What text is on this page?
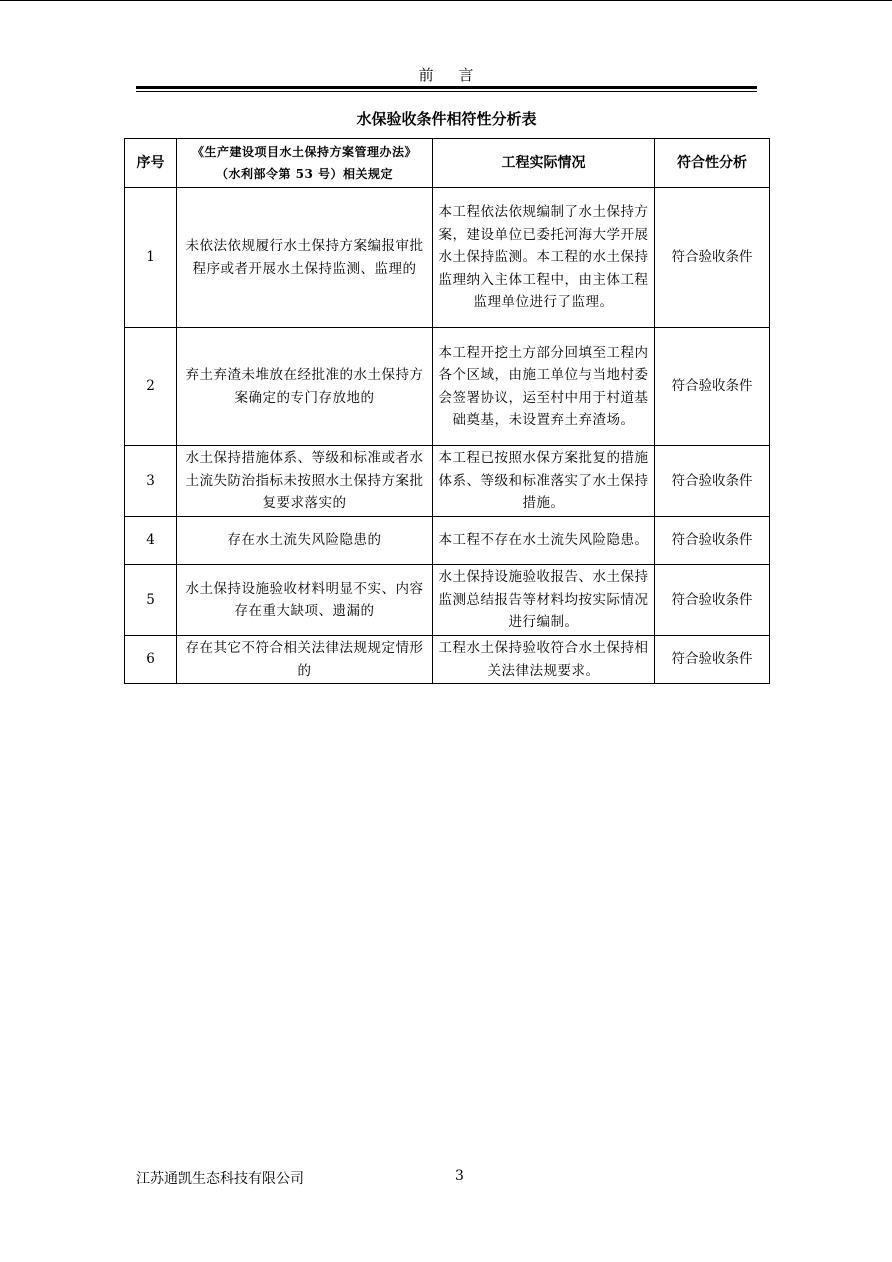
前 言
水保验收条件相符性分析表
序号	《生产建设项目水土保持方案管理办法》
（水利部令第 53 号）相关规定	工程实际情况	符合性分析
1	未依法依规履行水土保持方案编报审批程序或者开展水土保持监测、监理的	本工程依法依规编制了水土保持方案，建设单位已委托河海大学开展水土保持监测。本工程的水土保持监理纳入主体工程中，由主体工程监理单位进行了监理。	符合验收条件
2	弃土弃渣未堆放在经批准的水土保持方案确定的专门存放地的	本工程开挖土方部分回填至工程内各个区域，由施工单位与当地村委会签署协议，运至村中用于村道基础奠基，未设置弃土弃渣场。	符合验收条件
3	水土保持措施体系、等级和标准或者水土流失防治指标未按照水土保持方案批复要求落实的	本工程已按照水保方案批复的措施体系、等级和标准落实了水土保持措施。	符合验收条件
4	存在水土流失风险隐患的	本工程不存在水土流失风险隐患。	符合验收条件
5	水土保持设施验收材料明显不实、内容存在重大缺项、遗漏的	水土保持设施验收报告、水土保持监测总结报告等材料均按实际情况进行编制。	符合验收条件
6	存在其它不符合相关法律法规规定情形的	工程水土保持验收符合水土保持相关法律法规要求。	符合验收条件
江苏通凯生态科技有限公司	3
